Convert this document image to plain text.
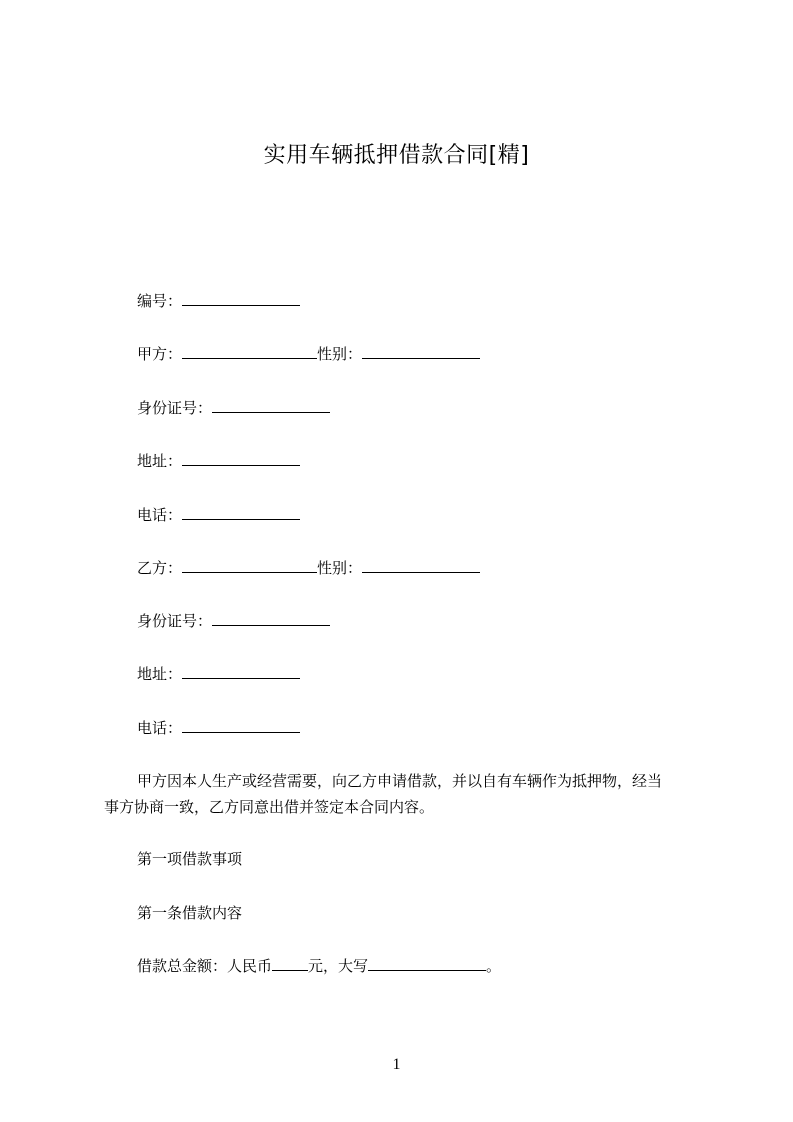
实用车辆抵押借款合同[精]
编号：
甲方：	性别：
身份证号：
地址：
电话：
乙方：	性别：
身份证号：
地址：
电话：
甲方因本人生产或经营需要，向乙方申请借款，并以自有车辆作为抵押物，经当
事方协商一致，乙方同意出借并签定本合同内容。
第一项借款事项
第一条借款内容
借款总金额：人民币 元，大写	。
1
